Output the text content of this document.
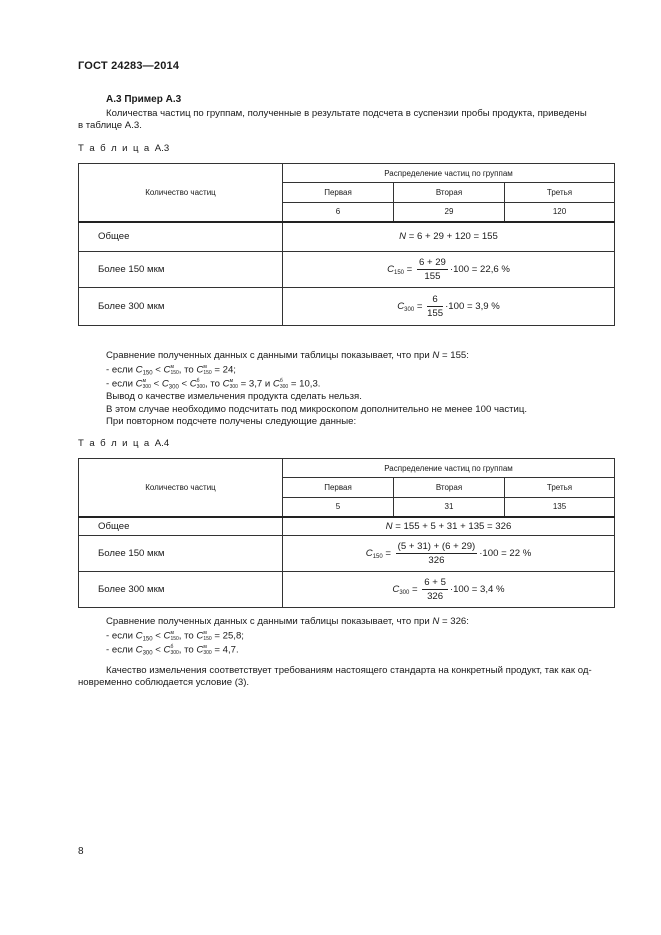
ГОСТ 24283—2014
А.3 Пример А.3
Количества частиц по группам, полученные в результате подсчета в суспензии пробы продукта, приведены
в таблице А.3.
Т а б л и ц а А.3
Количество частиц	Распределение частиц по группам		
	Первая	Вторая	Третья
	6	29	120
Общее	N = 6 + 29 + 120 = 155		
Более 150 мкм	$C_{150} = \frac{6 + 29}{155} \cdot 100 = 22,6$ %		
Более 300 мкм	$C_{300} = \frac{6}{155} \cdot 100 = 3,9$ %		
Сравнение полученных данных с данными таблицы показывает, что при N = 155:
- если $C_{150} < C$ м
150 , то C м
150 = 24;
- если C м
$300 < C_{300} < C$ б
300 , то C м
300 = 3,7 и C б
300 = 10,3.
Вывод о качестве измельчения продукта сделать нельзя.
В этом случае необходимо подсчитать под микроскопом дополнительно не менее 100 частиц.
При повторном подсчете получены следующие данные:
Т а б л и ц а А.4
Количество частиц	Распределение частиц по группам		
	Первая	Вторая	Третья
	5	31	135
Общее	N = 155 + 5 + 31 + 135 = 326		
Более 150 мкм	$C_{150} = \frac{(5 + 31) + (6 + 29)}{326} \cdot 100 = 22$ %		
Более 300 мкм	$C_{300} = \frac{6 + 5}{326} \cdot 100 = 3,4$ %		
Сравнение полученных данных с данными таблицы показывает, что при N = 326:
- если $C_{150} < C$ м
150 , то C м
150 = 25,8;
- если $C_{300} < C$ б
300 , то C м
300 = 4,7.
Качество измельчения соответствует требованиям настоящего стандарта на конкретный продукт, так как од-
новременно соблюдается условие (3).
8
